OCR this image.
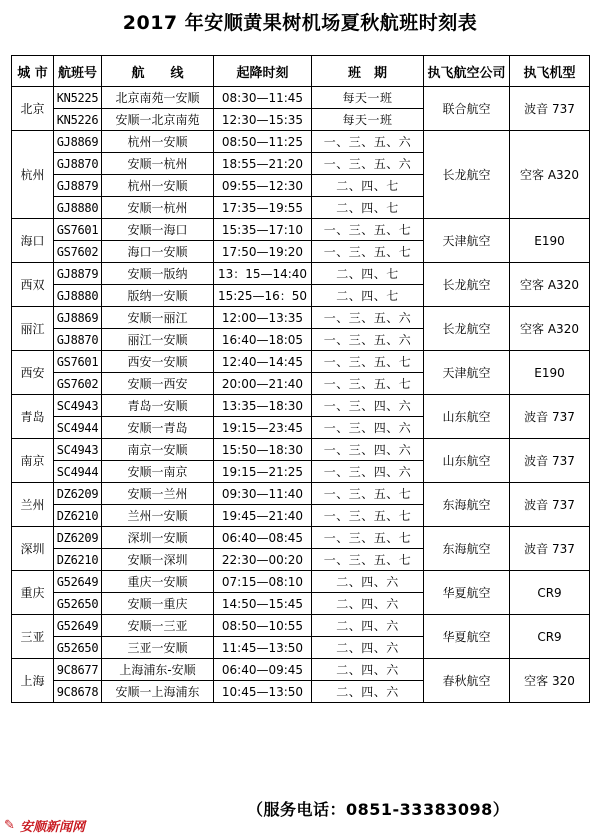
2017 年安顺黄果树机场夏秋航班时刻表
城 市	航班号	航　　线	起降时刻	班　期	执飞航空公司	执飞机型
北京	KN5225	北京南苑一安顺	08:30—11:45	每天一班	联合航空	波音 737
	KN5226	安顺一北京南苑	12:30—15:35	每天一班		
杭州	GJ8869	杭州一安顺	08:50—11:25	一、三、五、六	长龙航空	空客 A320
	GJ8870	安顺一杭州	18:55—21:20	一、三、五、六		
	GJ8879	杭州一安顺	09:55—12:30	二、四、七		
	GJ8880	安顺一杭州	17:35—19:55	二、四、七		
海口	GS7601	安顺一海口	15:35—17:10	一、三、五、七	天津航空	E190
	GS7602	海口一安顺	17:50—19:20	一、三、五、七		
西双	GJ8879	安顺一版纳	13：15—14:40	二、四、七	长龙航空	空客 A320
	GJ8880	版纳一安顺	15:25—16：50	二、四、七		
丽江	GJ8869	安顺一丽江	12:00—13:35	一、三、五、六	长龙航空	空客 A320
	GJ8870	丽江一安顺	16:40—18:05	一、三、五、六		
西安	GS7601	西安一安顺	12:40—14:45	一、三、五、七	天津航空	E190
	GS7602	安顺一西安	20:00—21:40	一、三、五、七		
青岛	SC4943	青岛一安顺	13:35—18:30	一、三、四、六	山东航空	波音 737
	SC4944	安顺一青岛	19:15—23:45	一、三、四、六		
南京	SC4943	南京一安顺	15:50—18:30	一、三、四、六	山东航空	波音 737
	SC4944	安顺一南京	19:15—21:25	一、三、四、六		
兰州	DZ6209	安顺一兰州	09:30—11:40	一、三、五、七	东海航空	波音 737
	DZ6210	兰州一安顺	19:45—21:40	一、三、五、七		
深圳	DZ6209	深圳一安顺	06:40—08:45	一、三、五、七	东海航空	波音 737
	DZ6210	安顺一深圳	22:30—00:20	一、三、五、七		
重庆	G52649	重庆一安顺	07:15—08:10	二、四、六	华夏航空	CR9
	G52650	安顺一重庆	14:50—15:45	二、四、六		
三亚	G52649	安顺一三亚	08:50—10:55	二、四、六	华夏航空	CR9
	G52650	三亚一安顺	11:45—13:50	二、四、六		
上海	9C8677	上海浦东-安顺	06:40—09:45	二、四、六	春秋航空	空客 320
	9C8678	安顺一上海浦东	10:45—13:50	二、四、六		
（服务电话：0851-33383098）
✎ 安顺新闻网
